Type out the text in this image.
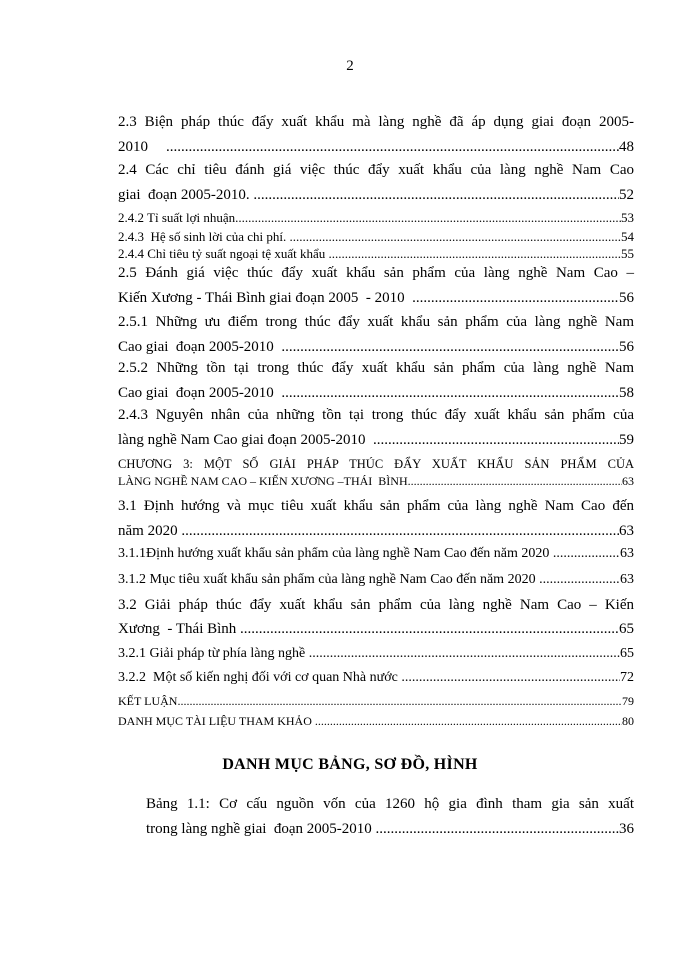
2
2.3 Biện pháp thúc đẩy xuất khẩu mà làng nghề đã áp dụng giai đoạn 2005-
2010 .....	48
2.4 Các chỉ tiêu đánh giá việc thúc đẩy xuất khẩu của làng nghề Nam Cao
giai  đoạn 2005-2010. .....	52
2.4.2 Tỉ suất lợi nhuận .....	53
2.4.3  Hệ số sinh lời của chi phí. .....	54
2.4.4 Chỉ tiêu tỷ suất ngoại tệ xuất khẩu .....	55
2.5 Đánh giá việc thúc đẩy xuất khẩu sản phẩm của làng nghề Nam Cao –
Kiến Xương - Thái Bình giai đoạn 2005  - 2010 .....	56
2.5.1 Những ưu điểm trong thúc đẩy xuất khẩu sản phẩm của làng nghề Nam
Cao giai  đoạn 2005-2010 .....	56
2.5.2 Những tồn tại trong thúc đẩy xuất khẩu sản phẩm của làng nghề Nam
Cao giai  đoạn 2005-2010 .....	58
2.4.3 Nguyên nhân của những tồn tại trong thúc đẩy xuất khẩu sản phẩm của
làng nghề Nam Cao giai đoạn 2005-2010 .....	59
CHƯƠNG 3: MỘT SỐ GIẢI PHÁP THÚC ĐẨY XUẤT KHẨU SẢN PHẨM CỦA
LÀNG NGHỀ NAM CAO – KIẾN XƯƠNG –THÁI  BÌNH .....	63
3.1 Định hướng và mục tiêu xuất khẩu sản phẩm của làng nghề Nam Cao đến
năm 2020 .....	63
3.1.1Định hướng xuất khẩu sản phẩm của làng nghề Nam Cao đến năm 2020 .....	63
3.1.2 Mục tiêu xuất khẩu sản phẩm của làng nghề Nam Cao đến năm 2020 .....	63
3.2 Giải pháp thúc đẩy xuất khẩu sản phẩm của làng nghề Nam Cao – Kiến
Xương  - Thái Bình .....	65
3.2.1 Giải pháp từ phía làng nghề .....	65
3.2.2  Một số kiến nghị đối với cơ quan Nhà nước .....	72
KẾT LUẬN .....	79
DANH MỤC TÀI LIỆU THAM KHẢO .....	80
DANH MỤC BẢNG, SƠ ĐỒ, HÌNH
Bảng 1.1: Cơ cấu nguồn vốn của 1260 hộ gia đình tham gia sản xuất
trong làng nghề giai  đoạn 2005-2010 .....	36
